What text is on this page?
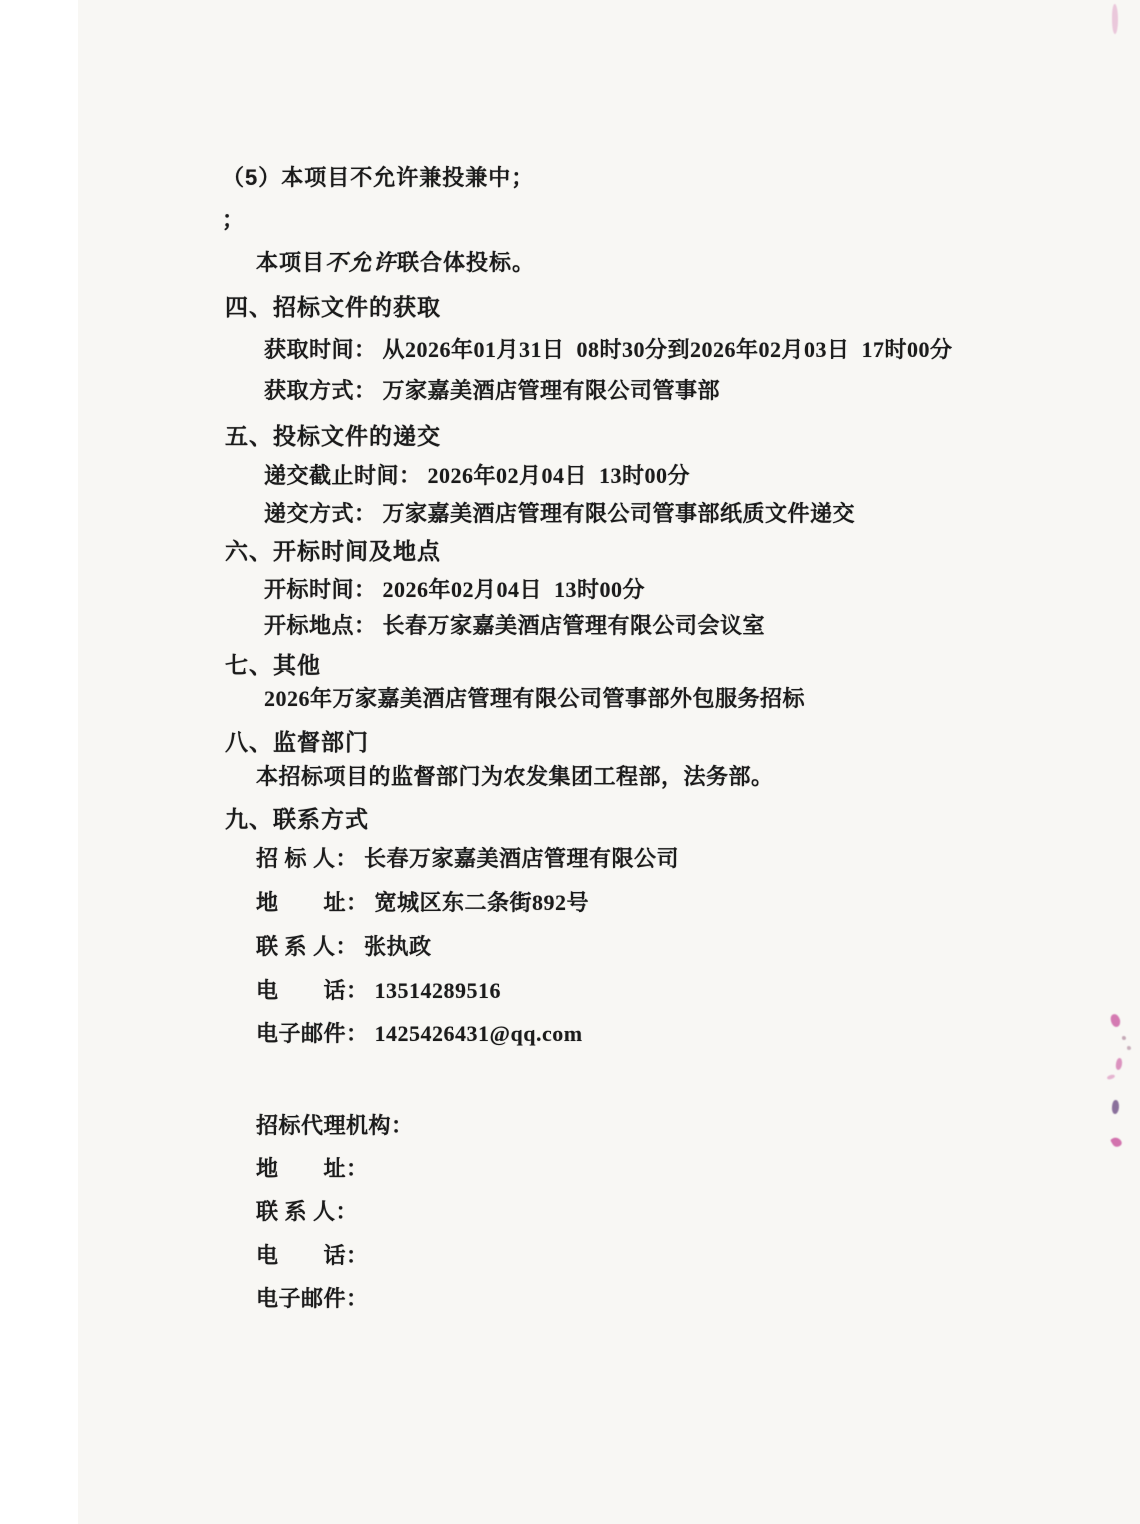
（5）本项目不允许兼投兼中；
；
本项目不允许联合体投标。
四、招标文件的获取
获取时间： 从2026年01月31日  08时30分到2026年02月03日  17时00分
获取方式： 万家嘉美酒店管理有限公司管事部
五、投标文件的递交
递交截止时间： 2026年02月04日  13时00分
递交方式： 万家嘉美酒店管理有限公司管事部纸质文件递交
六、开标时间及地点
开标时间： 2026年02月04日  13时00分
开标地点： 长春万家嘉美酒店管理有限公司会议室
七、其他
2026年万家嘉美酒店管理有限公司管事部外包服务招标
八、监督部门
本招标项目的监督部门为农发集团工程部，法务部。
九、联系方式
招 标 人： 长春万家嘉美酒店管理有限公司
地　　址： 宽城区东二条街892号
联 系 人： 张执政
电　　话： 13514289516
电子邮件： 1425426431@qq.com
招标代理机构：
地　　址：
联 系 人：
电　　话：
电子邮件：
